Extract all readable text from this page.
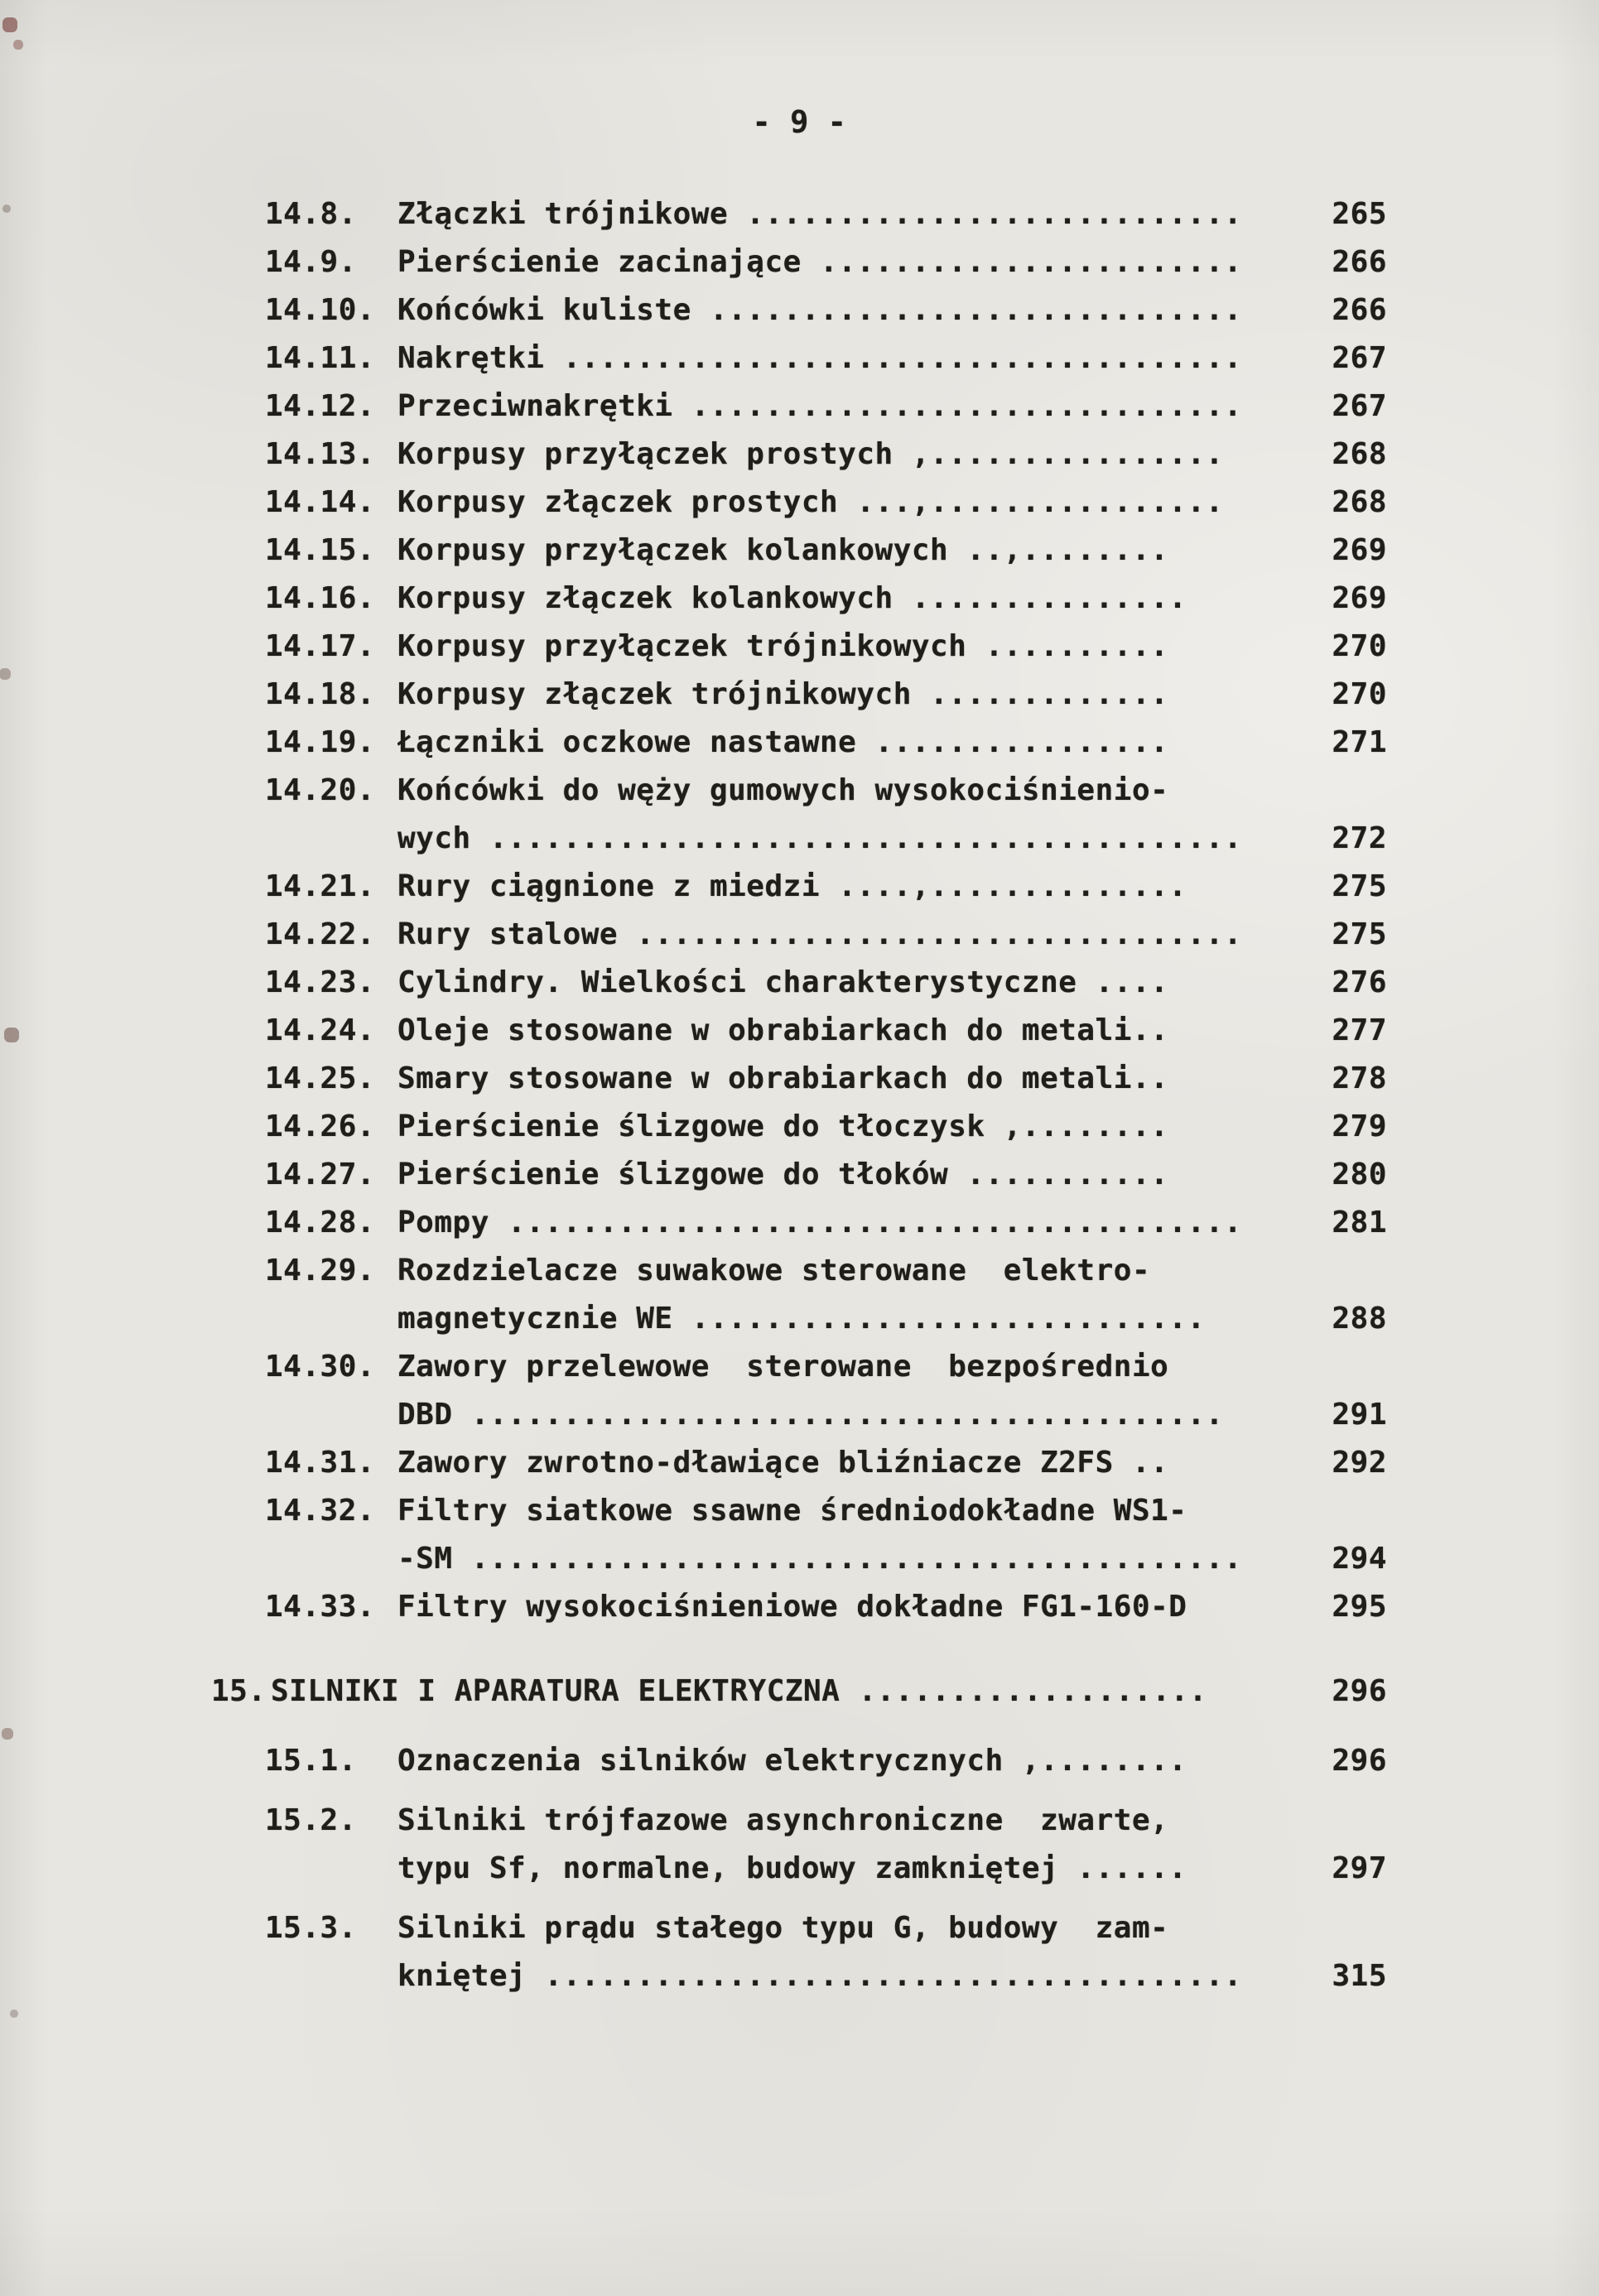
- 9 -
14.8.	Złączki trójnikowe ...........................	265
14.9.	Pierścienie zacinające .......................	266
14.10. Końcówki kuliste .............................	266
14.11. Nakrętki .....................................	267
14.12. Przeciwnakrętki ..............................	267
14.13. Korpusy przyłączek prostych ,................	268
14.14. Korpusy złączek prostych ...,................	268
14.15. Korpusy przyłączek kolankowych ..,........	269
14.16. Korpusy złączek kolankowych ...............	269
14.17. Korpusy przyłączek trójnikowych ..........	270
14.18. Korpusy złączek trójnikowych .............	270
14.19. Łączniki oczkowe nastawne ................	271
14.20. Końcówki do węży gumowych wysokociśnienio-
wych .........................................	272
14.21. Rury ciągnione z miedzi ....,..............	275
14.22. Rury stalowe .................................	275
14.23. Cylindry. Wielkości charakterystyczne ....	276
14.24. Oleje stosowane w obrabiarkach do metali..	277
14.25. Smary stosowane w obrabiarkach do metali..	278
14.26. Pierścienie ślizgowe do tłoczysk ,........	279
14.27. Pierścienie ślizgowe do tłoków ...........	280
14.28. Pompy ........................................	281
14.29. Rozdzielacze suwakowe sterowane  elektro-
magnetycznie WE ............................	288
14.30. Zawory przelewowe  sterowane  bezpośrednio
DBD .........................................	291
14.31. Zawory zwrotno-dławiące bliźniacze Z2FS ..	292
14.32. Filtry siatkowe ssawne średniodokładne WS1-
-SM ..........................................	294
14.33. Filtry wysokociśnieniowe dokładne FG1-160-D	295
15. SILNIKI I APARATURA ELEKTRYCZNA ...................	296
15.1.	Oznaczenia silników elektrycznych ,........	296
15.2.	Silniki trójfazowe asynchroniczne  zwarte,
typu Sf, normalne, budowy zamkniętej ......	297
15.3.	Silniki prądu stałego typu G, budowy  zam-
kniętej ......................................	315
